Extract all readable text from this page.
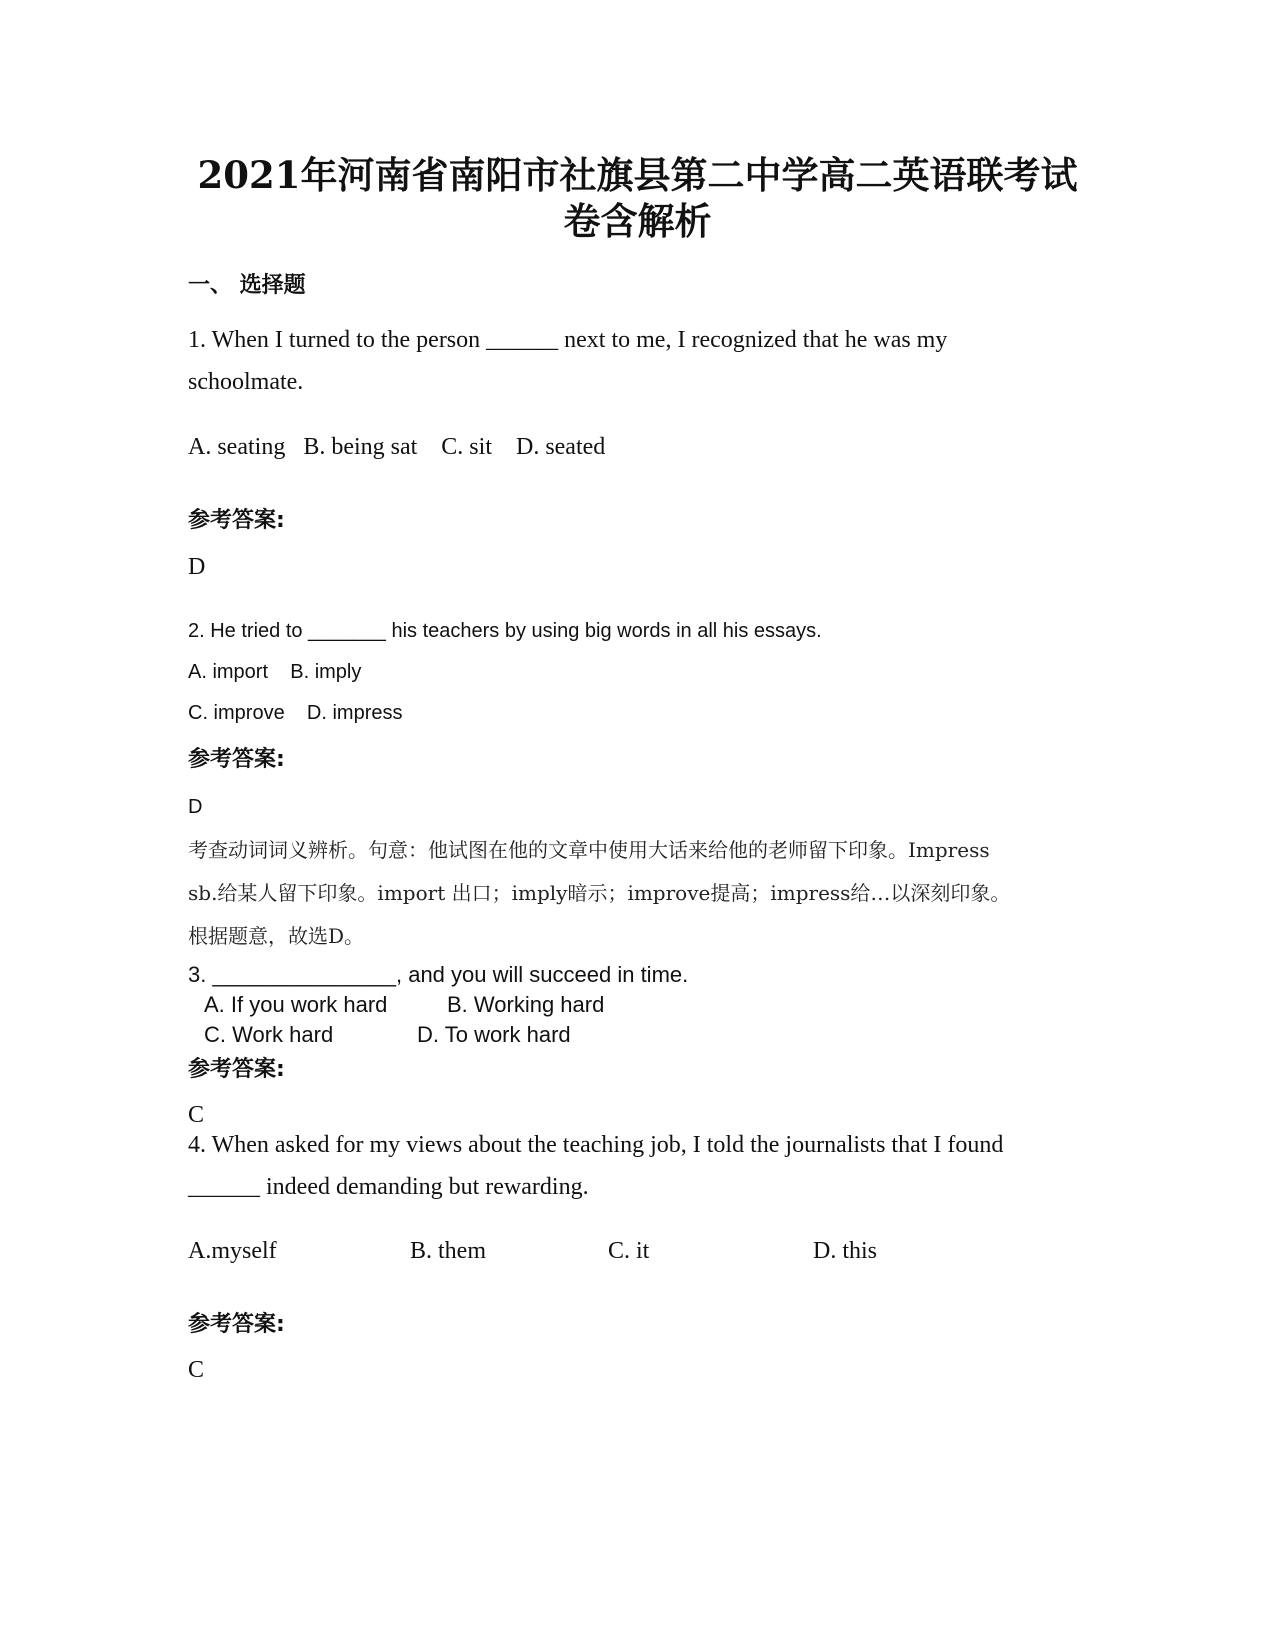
2021年河南省南阳市社旗县第二中学高二英语联考试
卷含解析
一、 选择题
1. When I turned to the person ______ next to me, I recognized that he was my
schoolmate.
A. seating   B. being sat    C. sit    D. seated
参考答案:
D
2. He tried to _______ his teachers by using big words in all his essays.
A. import    B. imply
C. improve    D. impress
参考答案:
D
考查动词词义辨析。句意：他试图在他的文章中使用大话来给他的老师留下印象。Impress
sb.给某人留下印象。import 出口；imply暗示；improve提高；impress给…以深刻印象。
根据题意，故选D。
3. _______________, and you will succeed in time.
A. If you work hard	B. Working hard
C. Work hard	D. To work hard
参考答案:
C
4. When asked for my views about the teaching job, I told the journalists that I found
______ indeed demanding but rewarding.
A.myself	B. them	C. it	D. this
参考答案:
C
